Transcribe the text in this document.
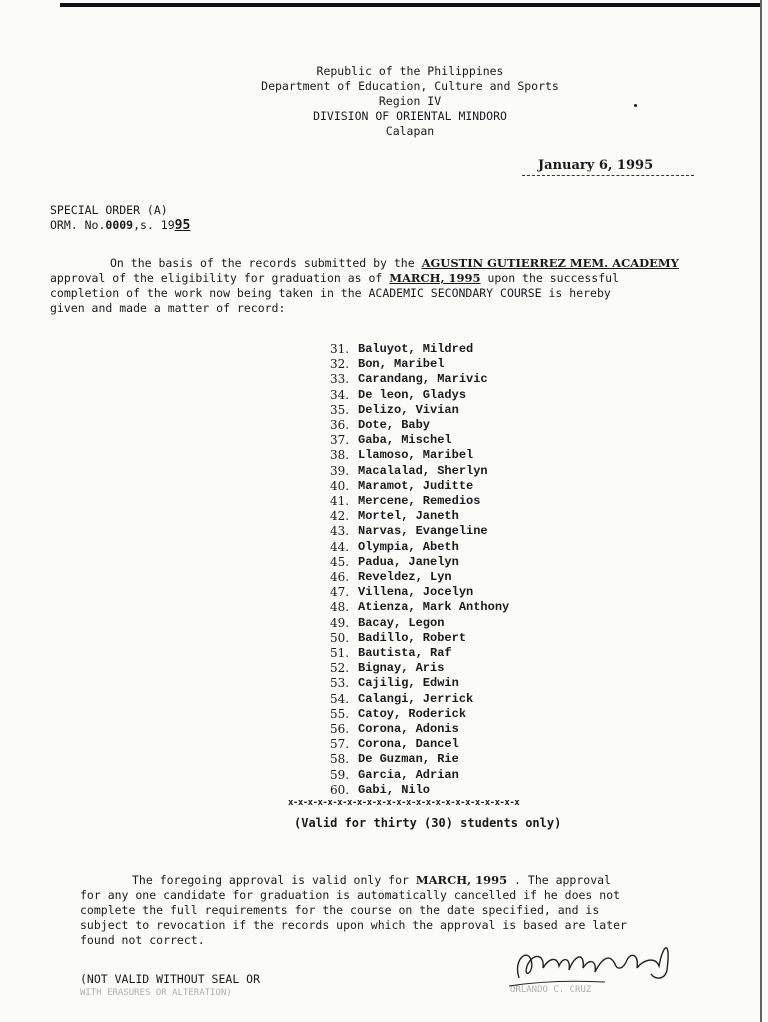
Republic of the Philippines
Department of Education, Culture and Sports
Region IV
DIVISION OF ORIENTAL MINDORO
Calapan
January 6, 1995
SPECIAL ORDER (A)
ORM. No.0009,s. 1995
On the basis of the records submitted by the AGUSTIN GUTIERREZ MEM. ACADEMY
approval of the eligibility for graduation as of MARCH, 1995 upon the successful
completion of the work now being taken in the ACADEMIC SECONDARY COURSE is hereby
given and made a matter of record:
31. Baluyot, Mildred
32. Bon, Maribel
33. Carandang, Marivic
34. De leon, Gladys
35. Delizo, Vivian
36. Dote, Baby
37. Gaba, Mischel
38. Llamoso, Maribel
39. Macalalad, Sherlyn
40. Maramot, Juditte
41. Mercene, Remedios
42. Mortel, Janeth
43. Narvas, Evangeline
44. Olympia, Abeth
45. Padua, Janelyn
46. Reveldez, Lyn
47. Villena, Jocelyn
48. Atienza, Mark Anthony
49. Bacay, Legon
50. Badillo, Robert
51. Bautista, Raf
52. Bignay, Aris
53. Cajilig, Edwin
54. Calangi, Jerrick
55. Catoy, Roderick
56. Corona, Adonis
57. Corona, Dancel
58. De Guzman, Rie
59. Garcia, Adrian
60. Gabi, Nilo
x-x-x-x-x-x-x-x-x-x-x-x-x-x-x-x-x-x-x-x-x-x-x-x
(Valid for thirty (30) students only)
The foregoing approval is valid only for MARCH, 1995 . The approval
for any one candidate for graduation is automatically cancelled if he does not
complete the full requirements for the course on the date specified, and is
subject to revocation if the records upon which the approval is based are later
found not correct.
(NOT VALID WITHOUT SEAL OR
WITH ERASURES OR ALTERATION)	ORLANDO C. CRUZ
